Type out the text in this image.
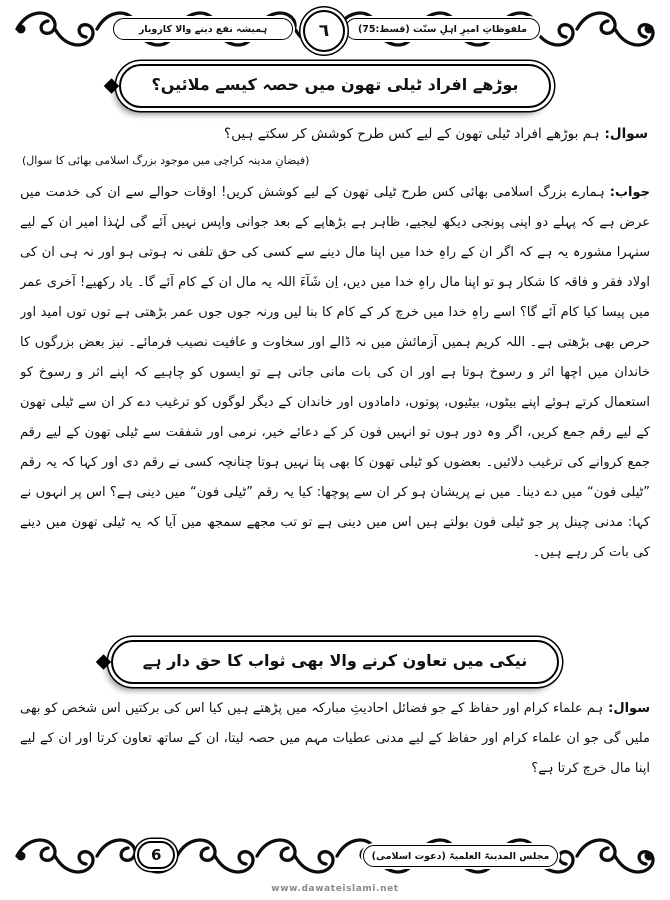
ملفوظاتِ امیرِ اہلِ سنّت (قسط:75)
٦
ہمیشہ نفع دینے والا کاروبار
بوڑھے افراد ٹیلی تھون میں حصہ کیسے ملائیں؟
سوال:ہم بوڑھے افراد ٹیلی تھون کے لیے کس طرح کوشش کر سکتے ہیں؟
(فیضانِ مدینہ کراچی میں موجود بزرگ اسلامی بھائی کا سوال)
جواب:ہمارے بزرگ اسلامی بھائی کس طرح ٹیلی تھون کے لیے کوشش کریں! اوقات حوالے سے ان کی خدمت میں عرض ہے کہ پہلے دو اپنی پونجی دیکھ لیجیے، ظاہر ہے بڑھاپے کے بعد جوانی واپس نہیں آئے گی لہٰذا امیر ان کے لیے سنہرا مشورہ یہ ہے کہ اگر ان کے راہِ خدا میں اپنا مال دینے سے کسی کی حق تلفی نہ ہوتی ہو اور نہ ہی ان کی اولاد فقر و فاقہ کا شکار ہو تو اپنا مال راہِ خدا میں دیں، اِن شَآءَ اللہ یہ مال ان کے کام آئے گا۔ یاد رکھیے! آخری عمر میں پیسا کیا کام آئے گا؟ اسے راہِ خدا میں خرچ کر کے کام کا بنا لیں ورنہ جوں جوں عمر بڑھتی ہے توں توں امید اور حرص بھی بڑھتی ہے۔ اللہ کریم ہمیں آزمائش میں نہ ڈالے اور سخاوت و عافیت نصیب فرمائے۔ نیز بعض بزرگوں کا خاندان میں اچھا اثر و رسوخ ہوتا ہے اور ان کی بات مانی جاتی ہے تو ایسوں کو چاہیے کہ اپنے اثر و رسوخ کو استعمال کرتے ہوئے اپنے بیٹوں، بیٹیوں، پوتوں، دامادوں اور خاندان کے دیگر لوگوں کو ترغیب دے کر ان سے ٹیلی تھون کے لیے رقم جمع کریں، اگر وہ دور ہوں تو انہیں فون کر کے دعائے خیر، نرمی اور شفقت سے ٹیلی تھون کے لیے رقم جمع کروانے کی ترغیب دلائیں۔ بعضوں کو ٹیلی تھون کا بھی پتا نہیں ہوتا چنانچہ کسی نے رقم دی اور کہا کہ یہ رقم ”ٹیلی فون“ میں دے دینا۔ میں نے پریشان ہو کر ان سے پوچھا: کیا یہ رقم ”ٹیلی فون“ میں دینی ہے؟ اس پر انہوں نے کہا: مدنی چینل پر جو ٹیلی فون بولتے ہیں اس میں دینی ہے تو تب مجھے سمجھ میں آیا کہ یہ ٹیلی تھون میں دینے کی بات کر رہے ہیں۔
نیکی میں تعاون کرنے والا بھی ثواب کا حق دار ہے
سوال:ہم علماء کرام اور حفاظ کے جو فضائل احادیثِ مبارکہ میں پڑھتے ہیں کیا اس کی برکتیں اس شخص کو بھی ملیں گی جو ان علماء کرام اور حفاظ کے لیے مدنی عطیات مہم میں حصہ لیتا، ان کے ساتھ تعاون کرتا اور ان کے لیے اپنا مال خرچ کرتا ہے؟
6	مجلس المدینۃ العلمیۃ (دعوت اسلامی)
www.dawateislami.net
